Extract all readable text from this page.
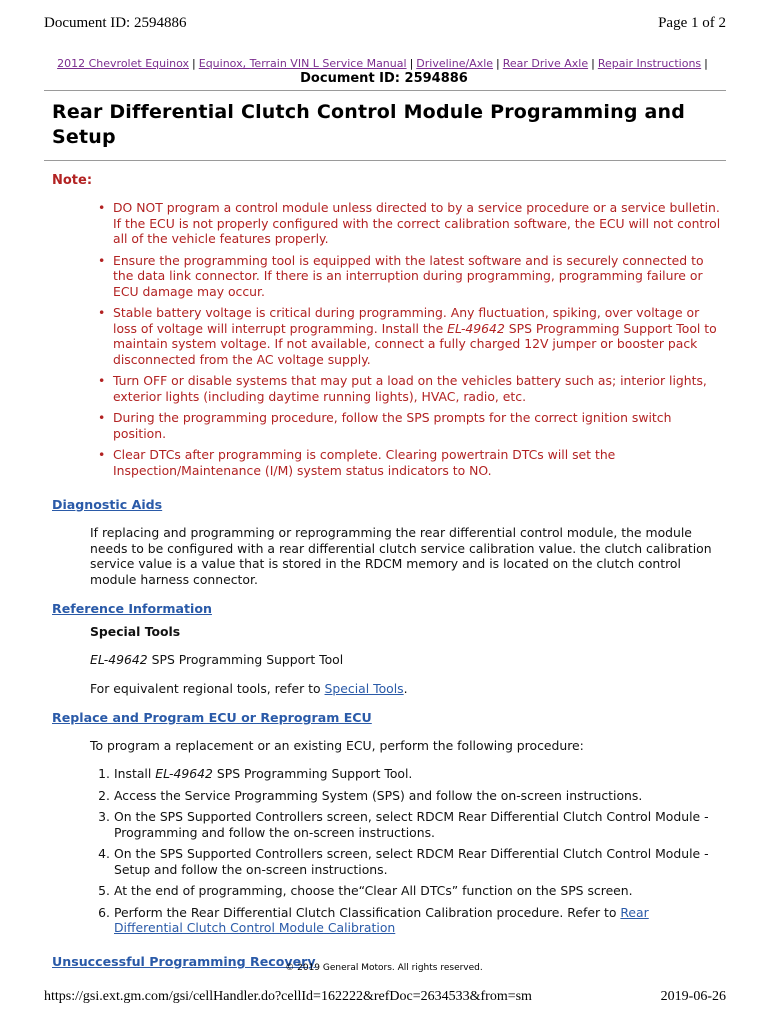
Document ID: 2594886	Page 1 of 2
2012 Chevrolet Equinox | Equinox, Terrain VIN L Service Manual | Driveline/Axle | Rear Drive Axle | Repair Instructions |
Document ID: 2594886
Rear Differential Clutch Control Module Programming and Setup
Note:
• DO NOT program a control module unless directed to by a service procedure or a service bulletin. If the ECU is not properly configured with the correct calibration software, the ECU will not control all of the vehicle features properly.
• Ensure the programming tool is equipped with the latest software and is securely connected to the data link connector. If there is an interruption during programming, programming failure or ECU damage may occur.
• Stable battery voltage is critical during programming. Any fluctuation, spiking, over voltage or loss of voltage will interrupt programming. Install the EL-49642 SPS Programming Support Tool to maintain system voltage. If not available, connect a fully charged 12V jumper or booster pack disconnected from the AC voltage supply.
• Turn OFF or disable systems that may put a load on the vehicles battery such as; interior lights, exterior lights (including daytime running lights), HVAC, radio, etc.
• During the programming procedure, follow the SPS prompts for the correct ignition switch position.
• Clear DTCs after programming is complete. Clearing powertrain DTCs will set the Inspection/Maintenance (I/M) system status indicators to NO.
Diagnostic Aids

If replacing and programming or reprogramming the rear differential control module, the module needs to be configured with a rear differential clutch service calibration value. the clutch calibration service value is a value that is stored in the RDCM memory and is located on the clutch control module harness connector.

Reference Information

Special Tools

EL-49642 SPS Programming Support Tool

For equivalent regional tools, refer to Special Tools.

Replace and Program ECU or Reprogram ECU

To program a replacement or an existing ECU, perform the following procedure:

1. Install EL-49642 SPS Programming Support Tool.
2. Access the Service Programming System (SPS) and follow the on-screen instructions.
3. On the SPS Supported Controllers screen, select RDCM Rear Differential Clutch Control Module - Programming and follow the on-screen instructions.
4. On the SPS Supported Controllers screen, select RDCM Rear Differential Clutch Control Module - Setup and follow the on-screen instructions.
5. At the end of programming, choose the“Clear All DTCs” function on the SPS screen.
6. Perform the Rear Differential Clutch Classification Calibration procedure. Refer to Rear Differential Clutch Control Module Calibration
Unsuccessful Programming Recovery
© 2019 General Motors. All rights reserved.
https://gsi.ext.gm.com/gsi/cellHandler.do?cellId=162222&refDoc=2634533&from=sm	2019-06-26
